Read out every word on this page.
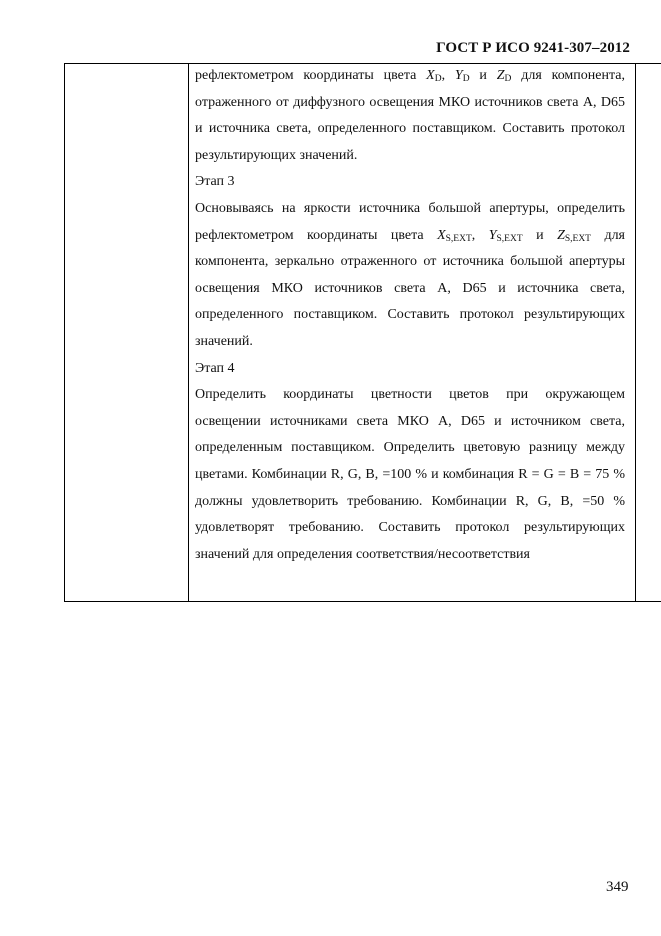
ГОСТ Р ИСО 9241-307–2012

рефлектометром координаты цвета $X_D$, $Y_D$ и $Z_D$ для компонента, отраженного от диффузного освещения МКО источников света А, D65 и источника света, определенного поставщиком. Составить протокол результирующих значений.

Этап 3

Основываясь на яркости источника большой апертуры, определить рефлектометром координаты цвета $X_{S,EXT}$, $Y_{S,EXT}$ и $Z_{S,EXT}$ для компонента, зеркально отраженного от источника большой апертуры освещения МКО источников света А, D65 и источника света, определенного поставщиком. Составить протокол результирующих значений.

Этап 4

Определить координаты цветности цветов при окружающем освещении источниками света МКО А, D65 и источником света, определенным поставщиком. Определить цветовую разницу между цветами. Комбинации R, G, B, =100 % и комбинация R = G = B = 75 % должны удовлетворить требованию. Комбинации R, G, B, =50 % удовлетворят требованию. Составить протокол результирующих значений для определения соответствия/несоответствия

349
